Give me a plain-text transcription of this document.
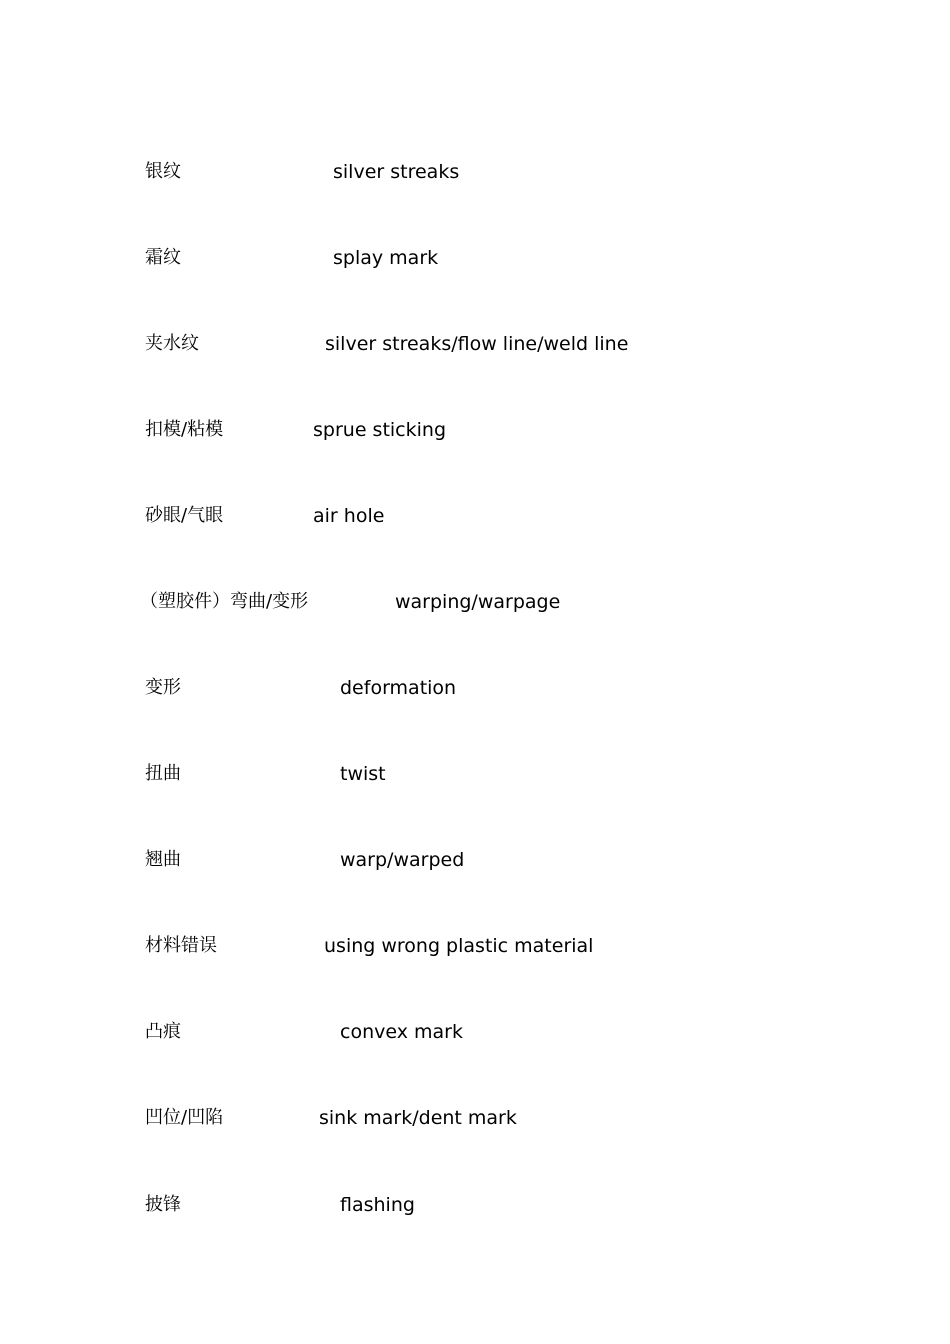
银纹	silver streaks
霜纹	splay mark
夹水纹	silver streaks/flow line/weld line
扣模/粘模	sprue sticking
砂眼/气眼	air hole
（塑胶件）弯曲/变形	warping/warpage
变形	deformation
扭曲	twist
翘曲	warp/warped
材料错误	using wrong plastic material
凸痕	convex mark
凹位/凹陷	sink mark/dent mark
披锋	flashing
